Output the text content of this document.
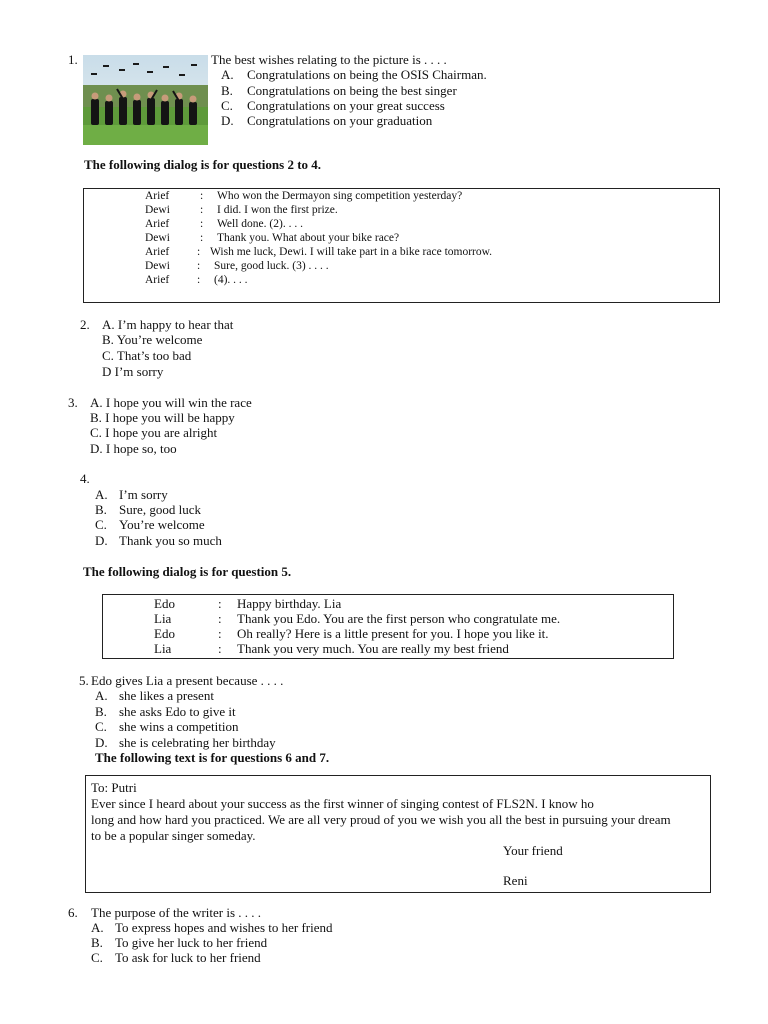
1.	The best wishes relating to the picture is . . . .
A. Congratulations on being the OSIS Chairman.
B. Congratulations on being the best singer
C. Congratulations on your great success
D. Congratulations on your graduation
The following dialog is for questions 2 to 4.
Arief	: Who won the Dermayon sing competition yesterday?
Dewi	: I did. I won the first prize.
Arief	: Well done. (2). . . .
Dewi	: Thank you. What about your bike race?
Arief : Wish me luck, Dewi. I will take part in a bike race tomorrow.
Dewi : Sure, good luck. (3) . . . .
Arief : (4). . . .
2. A. I’m happy to hear that
B. You’re welcome
C. That’s too bad
D I’m sorry
3. A. I hope you will win the race
B. I hope you will be happy
C. I hope you are alright
D. I hope so, too
4.
A. I’m sorry
B. Sure, good luck
C. You’re welcome
D. Thank you so much
The following dialog is for question 5.
Edo	: Happy birthday. Lia
Lia	: Thank you Edo. You are the first person who congratulate me.
Edo	: Oh really? Here is a little present for you. I hope you like it.
Lia	: Thank you very much. You are really my best friend
5. Edo gives Lia a present because . . . .
A. she likes a present
B. she asks Edo to give it
C. she wins a competition
D. she is celebrating her birthday
The following text is for questions 6 and 7.
To: Putri
Ever since I heard about your success as the first winner of singing contest of FLS2N. I know ho
long and how hard you practiced. We are all very proud of you we wish you all the best in pursuing your dream
to be a popular singer someday.
Your friend
Reni
6. The purpose of the writer is . . . .
A. To express hopes and wishes to her friend
B. To give her luck to her friend
C. To ask for luck to her friend
